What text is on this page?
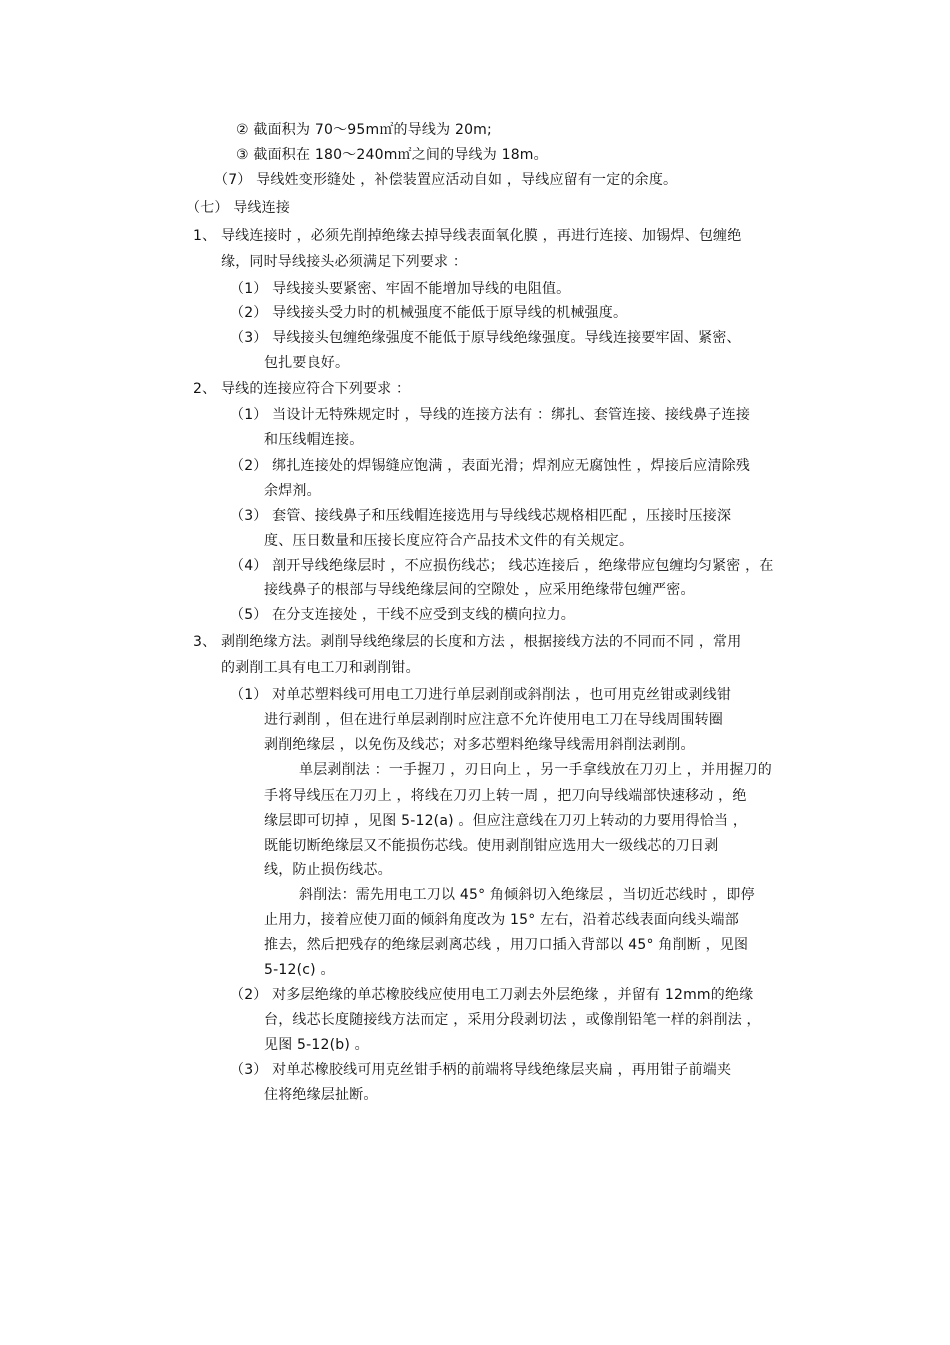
② 截面积为 70～95m㎡的导线为 20m;
③ 截面积在 180～240m㎡之间的导线为 18m。
（7） 导线姓变形缝处 ，补偿装置应活动自如 ，导线应留有一定的余度。
（七） 导线连接
1、 导线连接时 ，必须先削掉绝缘去掉导线表面氧化膜 ，再进行连接、加锡焊、包缠绝
缘，同时导线接头必须满足下列要求 ：
（1） 导线接头要紧密、牢固不能增加导线的电阻值。
（2） 导线接头受力时的机械强度不能低于原导线的机械强度。
（3） 导线接头包缠绝缘强度不能低于原导线绝缘强度。导线连接要牢固、紧密、
包扎要良好。
2、 导线的连接应符合下列要求 ：
（1） 当设计无特殊规定时 ，导线的连接方法有 ：绑扎、套管连接、接线鼻子连接
和压线帽连接。
（2） 绑扎连接处的焊锡缝应饱满 ，表面光滑；焊剂应无腐蚀性 ，焊接后应清除残
余焊剂。
（3） 套管、接线鼻子和压线帽连接选用与导线线芯规格相匹配 ，压接时压接深
度、压日数量和压接长度应符合产品技术文件的有关规定。
（4） 剖开导线绝缘层时 ，不应损伤线芯； 线芯连接后 ，绝缘带应包缠均匀紧密 ，在
接线鼻子的根部与导线绝缘层间的空隙处 ，应采用绝缘带包缠严密。
（5） 在分支连接处 ，干线不应受到支线的横向拉力。
3、 剥削绝缘方法。剥削导线绝缘层的长度和方法 ，根据接线方法的不同而不同 ，常用
的剥削工具有电工刀和剥削钳。
（1） 对单芯塑料线可用电工刀进行单层剥削或斜削法 ，也可用克丝钳或剥线钳
进行剥削 ，但在进行单层剥削时应注意不允许使用电工刀在导线周围转圈
剥削绝缘层 ，以免伤及线芯；对多芯塑料绝缘导线需用斜削法剥削。
单层剥削法 ：一手握刀 ，刃日向上 ，另一手拿线放在刀刃上 ，并用握刀的
手将导线压在刀刃上 ，将线在刀刃上转一周 ，把刀向导线端部快速移动 ，绝
缘层即可切掉 ，见图 5-12(a) 。但应注意线在刀刃上转动的力要用得恰当 ，
既能切断绝缘层又不能损伤芯线。使用剥削钳应选用大一级线芯的刀日剥
线，防止损伤线芯。
斜削法：需先用电工刀以 45° 角倾斜切入绝缘层 ，当切近芯线时 ，即停
止用力，接着应使刀面的倾斜角度改为 15° 左右，沿着芯线表面向线头端部
推去，然后把残存的绝缘层剥离芯线 ，用刀口插入背部以 45° 角削断 ，见图
5-12(c) 。
（2） 对多层绝缘的单芯橡胶线应使用电工刀剥去外层绝缘 ，并留有 12mm的绝缘
台，线芯长度随接线方法而定 ，采用分段剥切法 ，或像削铅笔一样的斜削法 ，
见图 5-12(b) 。
（3） 对单芯橡胶线可用克丝钳手柄的前端将导线绝缘层夹扁 ，再用钳子前端夹
住将绝缘层扯断。
